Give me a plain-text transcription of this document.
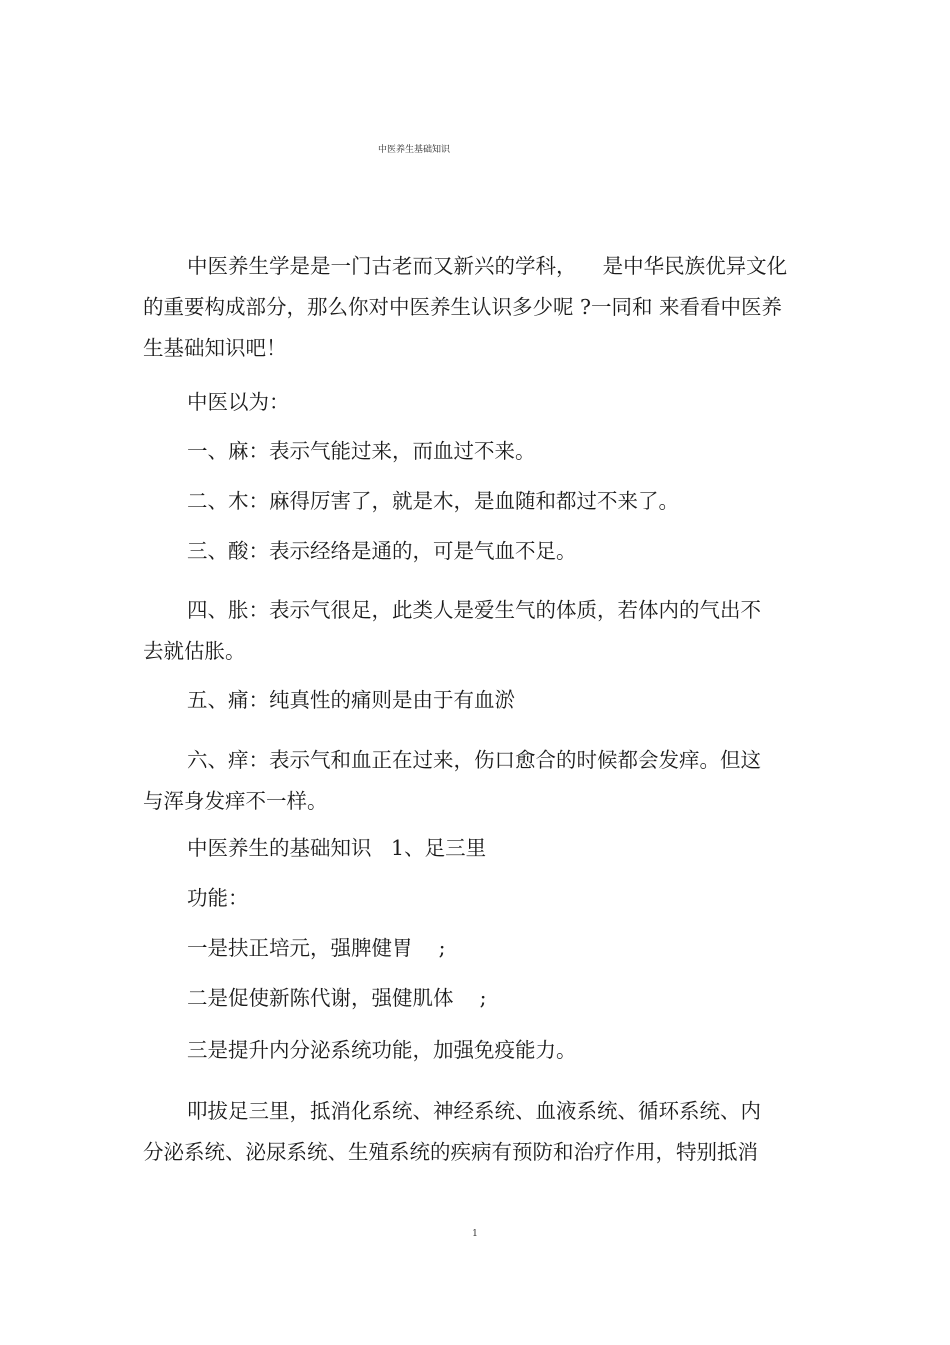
中医养生基础知识
中医养生学是是一门古老而又新兴的学科，    是中华民族优异文化
的重要构成部分，那么你对中医养生认识多少呢 ?一同和 来看看中医养
生基础知识吧！
中医以为：
一、麻：表示气能过来，而血过不来。
二、木：麻得厉害了，就是木，是血随和都过不来了。
三、酸：表示经络是通的，可是气血不足。
四、胀：表示气很足，此类人是爱生气的体质，若体内的气出不
去就估胀。
五、痛：纯真性的痛则是由于有血淤
六、痒：表示气和血正在过来，伤口愈合的时候都会发痒。但这
与浑身发痒不一样。
中医养生的基础知识   1、足三里
功能：
一是扶正培元，强脾健胃    ;
二是促使新陈代谢，强健肌体    ;
三是提升内分泌系统功能，加强免疫能力。
叩拔足三里，抵消化系统、神经系统、血液系统、循环系统、内
分泌系统、泌尿系统、生殖系统的疾病有预防和治疗作用，特别抵消
1
